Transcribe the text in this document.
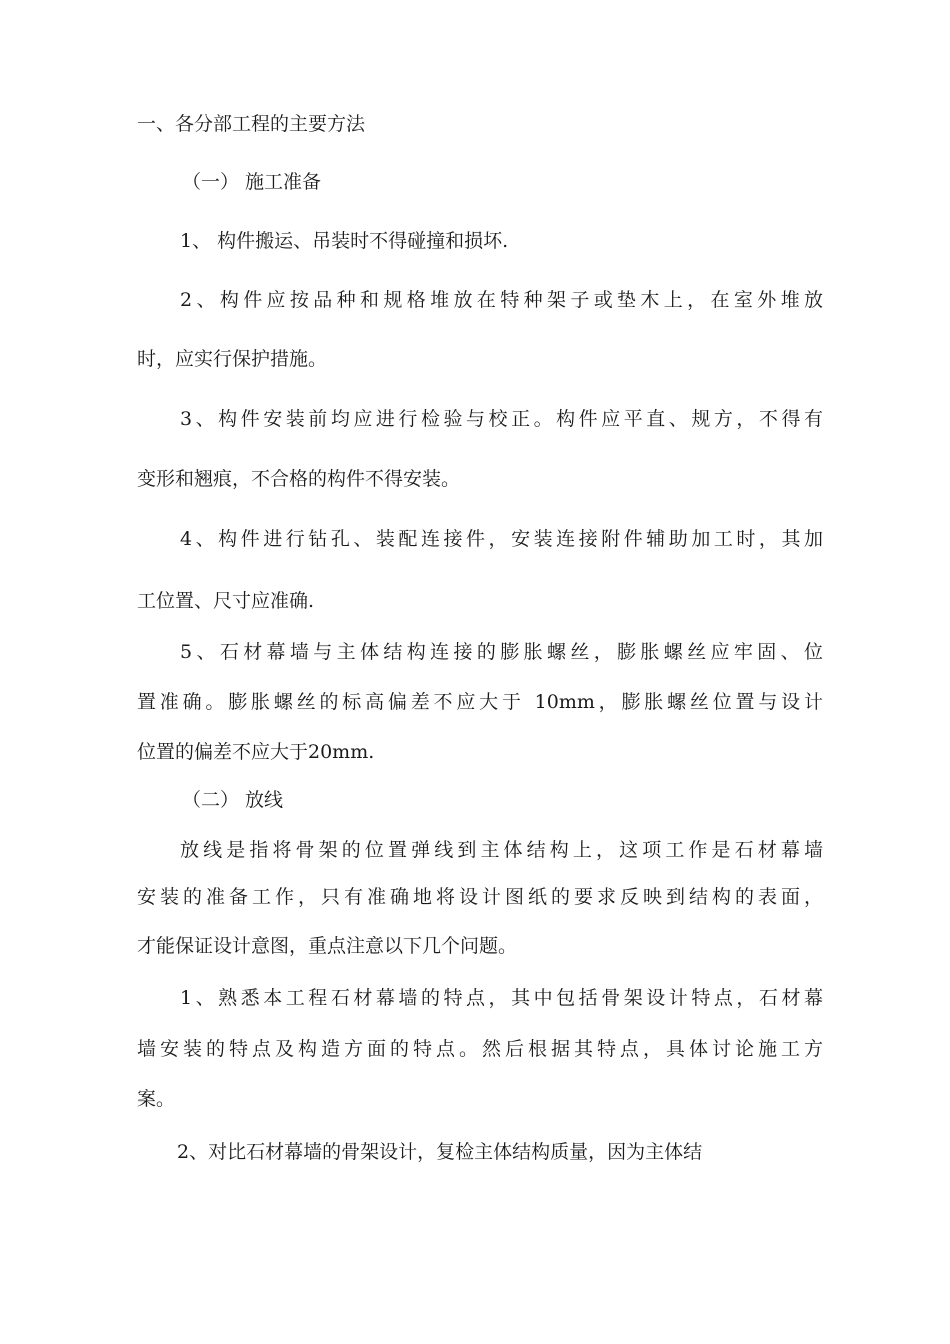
一、各分部工程的主要方法
（一） 施工准备
1、 构件搬运、吊装时不得碰撞和损坏.
2、构件应按品种和规格堆放在特种架子或垫木上，在室外堆放
时，应实行保护措施。
3、构件安装前均应进行检验与校正。构件应平直、规方，不得有
变形和翘痕，不合格的构件不得安装。
4、构件进行钻孔、装配连接件，安装连接附件辅助加工时，其加
工位置、尺寸应准确.
5、石材幕墙与主体结构连接的膨胀螺丝，膨胀螺丝应牢固、位
置准确。膨胀螺丝的标高偏差不应大于 10mm，膨胀螺丝位置与设计
位置的偏差不应大于20mm.
（二） 放线
放线是指将骨架的位置弹线到主体结构上，这项工作是石材幕墙
安装的准备工作，只有准确地将设计图纸的要求反映到结构的表面，
才能保证设计意图，重点注意以下几个问题。
1、熟悉本工程石材幕墙的特点，其中包括骨架设计特点，石材幕
墙安装的特点及构造方面的特点。然后根据其特点，具体讨论施工方
案。
2、对比石材幕墙的骨架设计，复检主体结构质量，因为主体结
